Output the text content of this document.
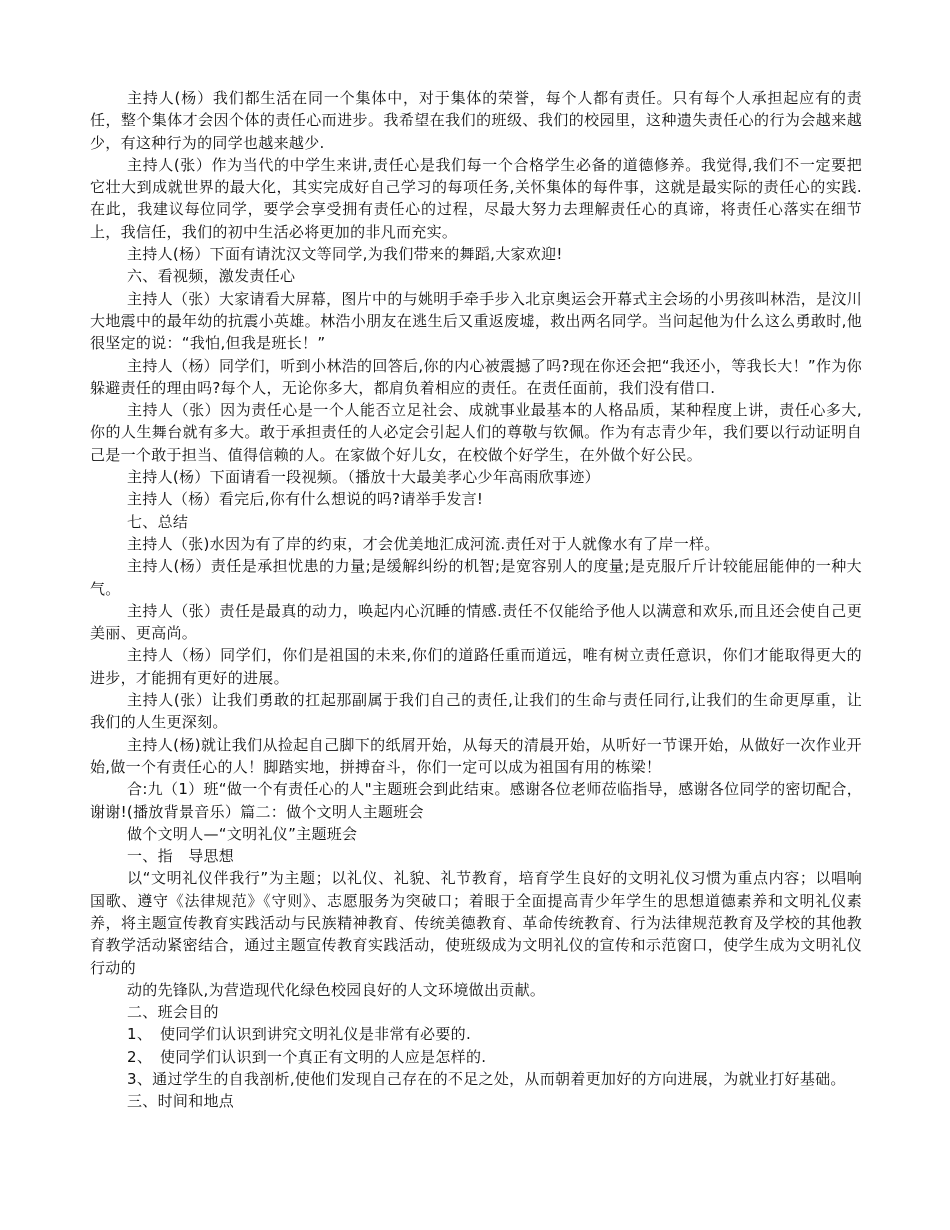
主持人(杨）我们都生活在同一个集体中，对于集体的荣誉，每个人都有责任。只有每个人承担起应有的责任，整个集体才会因个体的责任心而进步。我希望在我们的班级、我们的校园里，这种遗失责任心的行为会越来越少，有这种行为的同学也越来越少.

主持人(张）作为当代的中学生来讲,责任心是我们每一个合格学生必备的道德修养。我觉得,我们不一定要把它壮大到成就世界的最大化，其实完成好自己学习的每项任务,关怀集体的每件事，这就是最实际的责任心的实践.在此，我建议每位同学，要学会享受拥有责任心的过程，尽最大努力去理解责任心的真谛，将责任心落实在细节上，我信任，我们的初中生活必将更加的非凡而充实。

主持人(杨）下面有请沈汉文等同学,为我们带来的舞蹈,大家欢迎!

六、看视频，激发责任心

主持人（张）大家请看大屏幕，图片中的与姚明手牵手步入北京奥运会开幕式主会场的小男孩叫林浩，是汶川大地震中的最年幼的抗震小英雄。林浩小朋友在逃生后又重返废墟，救出两名同学。当问起他为什么这么勇敢时,他很坚定的说：“我怕,但我是班长！”

主持人（杨）同学们，听到小林浩的回答后,你的内心被震撼了吗?现在你还会把“我还小，等我长大！”作为你躲避责任的理由吗?每个人，无论你多大，都肩负着相应的责任。在责任面前，我们没有借口.

主持人（张）因为责任心是一个人能否立足社会、成就事业最基本的人格品质，某种程度上讲，责任心多大,你的人生舞台就有多大。敢于承担责任的人必定会引起人们的尊敬与钦佩。作为有志青少年，我们要以行动证明自己是一个敢于担当、值得信赖的人。在家做个好儿女，在校做个好学生，在外做个好公民。

主持人(杨）下面请看一段视频。（播放十大最美孝心少年高雨欣事迹）

主持人（杨）看完后,你有什么想说的吗?请举手发言!

七、总结

主持人（张)水因为有了岸的约束，才会优美地汇成河流.责任对于人就像水有了岸一样。

主持人(杨）责任是承担忧患的力量;是缓解纠纷的机智;是宽容别人的度量;是克服斤斤计较能屈能伸的一种大气。

主持人（张）责任是最真的动力，唤起内心沉睡的情感.责任不仅能给予他人以满意和欢乐,而且还会使自己更美丽、更高尚。

主持人（杨）同学们，你们是祖国的未来,你们的道路任重而道远，唯有树立责任意识，你们才能取得更大的进步，才能拥有更好的进展。

主持人(张）让我们勇敢的扛起那副属于我们自己的责任,让我们的生命与责任同行,让我们的生命更厚重，让我们的人生更深刻。

主持人(杨)就让我们从捡起自己脚下的纸屑开始，从每天的清晨开始，从听好一节课开始，从做好一次作业开始,做一个有责任心的人！脚踏实地，拼搏奋斗，你们一定可以成为祖国有用的栋梁！

合:九（1）班“做一个有责任心的人"主题班会到此结束。感谢各位老师莅临指导，感谢各位同学的密切配合，谢谢!(播放背景音乐）篇二：做个文明人主题班会

做个文明人—“文明礼仪”主题班会

一、指　导思想

以“文明礼仪伴我行”为主题；以礼仪、礼貌、礼节教育，培育学生良好的文明礼仪习惯为重点内容；以唱响国歌、遵守《法律规范》《守则》、志愿服务为突破口；着眼于全面提高青少年学生的思想道德素养和文明礼仪素养，将主题宣传教育实践活动与民族精神教育、传统美德教育、革命传统教育、行为法律规范教育及学校的其他教育教学活动紧密结合，通过主题宣传教育实践活动，使班级成为文明礼仪的宣传和示范窗口，使学生成为文明礼仪行动的

动的先锋队,为营造现代化绿色校园良好的人文环境做出贡献。

二、班会目的

1、　使同学们认识到讲究文明礼仪是非常有必要的.

2、　使同学们认识到一个真正有文明的人应是怎样的.

3、通过学生的自我剖析,使他们发现自己存在的不足之处，从而朝着更加好的方向进展，为就业打好基础。

三、时间和地点
